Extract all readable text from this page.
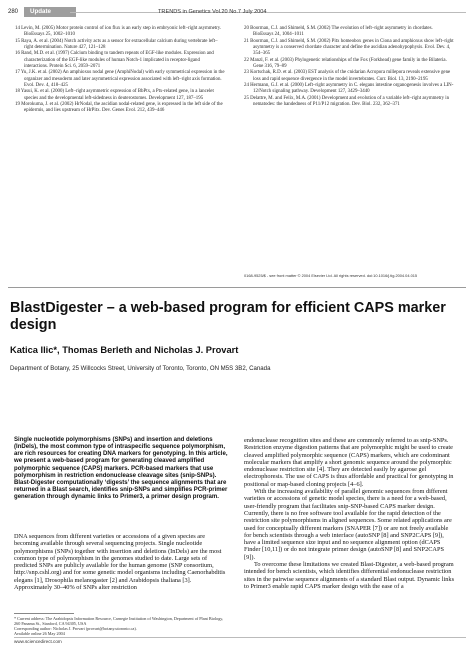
280	Update	TRENDS in Genetics Vol.20 No.7 July 2004

14 Levin, M. (2005) Motor protein control of ion flux is an early step in embryonic left–right asymmetry. BioEssays 25, 1002–1010

15 Raya, A. et al. (2004) Notch activity acts as a sensor for extracellular calcium during vertebrate left–right determination. Nature 427, 121–128

16 Rand, M.D. et al. (1997) Calcium binding to tandem repeats of EGF-like modules. Expression and characterization of the EGF-like modules of human Notch-1 implicated in receptor-ligand interactions. Protein Sci. 6, 2059–2071

17 Yu, J.K. et al. (2002) An amphioxus nodal gene (AmphiNodal) with early symmetrical expression in the organizer and mesoderm and later asymmetrical expression associated with left–right axis formation. Evol. Dev. 4, 418–425

18 Yasui, K. et al. (2000) Left–right asymmetric expression of BbPtx, a Ptx-related gene, in a lancelet species and the developmental left-sidedness in deuterostomes. Development 127, 187–195

19 Morokuma, J. et al. (2002) HrNodal, the ascidian nodal-related gene, is expressed in the left side of the epidermis, and lies upstream of HrPitx. Dev. Genes Evol. 212, 439–446

20 Boorman, C.J. and Shimeld, S.M. (2002) The evolution of left–right asymmetry in chordates. BioEssays 24, 1004–1011

21 Boorman, C.J. and Shimeld, S.M. (2002) Pitx homeobox genes in Ciona and amphioxus show left–right asymmetry is a conserved chordate character and define the ascidian adenohypophysis. Evol. Dev. 4, 354–365

22 Manzl, F. et al. (2003) Phylogenetic relationships of the Fox (Forkhead) gene family in the Bilateria. Gene 316, 79–89

23 Kortschak, R.D. et al. (2003) EST analysis of the cnidarian Acropora millepora reveals extensive gene loss and rapid sequence divergence in the model invertebrates. Curr. Biol. 13, 2190–2195

24 Hermann, G.J. et al. (2000) Left–right asymmetry in C. elegans intestine organogenesis involves a LIN-12/Notch signaling pathway. Development 127, 3429–3440

25 Delattre, M. and Felix, M.A. (2001) Development and evolution of a variable left–right asymmetry in nematodes: the handedness of P11/P12 migration. Dev. Biol. 232, 362–371

0168-9525/$ - see front matter © 2004 Elsevier Ltd. All rights reserved. doi:10.1016/j.tig.2004.04.015
BlastDigester – a web-based program for efficient CAPS marker design

Katica Ilic*, Thomas Berleth and Nicholas J. Provart

Department of Botany, 25 Willcocks Street, University of Toronto, Toronto, ON M5S 3B2, Canada

Single nucleotide polymorphisms (SNPs) and insertion and deletions (InDels), the most common type of intraspecific sequence polymorphism, are rich resources for creating DNA markers for genotyping. In this article, we present a web-based program for generating cleaved amplified polymorphic sequence (CAPS) markers. PCR-based markers that use polymorphism in restriction endonuclease cleavage sites (snip-SNPs). Blast-Digester computationally ‘digests’ the sequence alignments that are returned in a Blast search, identifies snip-SNPs and simplifies PCR-primer generation through dynamic links to Primer3, a primer design program.

DNA sequences from different varieties or accessions of a given species are becoming available through several sequencing projects. Single nucleotide polymorphisms (SNPs) together with insertion and deletions (InDels) are the most common type of polymorphism in the genomes studied to date. Large sets of predicted SNPs are publicly available for the human genome (SNP consortium, http://snp.cshl.org) and for some genetic model organisms including Caenorhabditis elegans [1], Drosophila melanogaster [2] and Arabidopsis thaliana [3]. Approximately 30–40% of SNPs alter restriction

endonuclease recognition sites and these are commonly referred to as snip-SNPs. Restriction enzyme digestion patterns that are polymorphic might be used to create cleaved amplified polymorphic sequence (CAPS) markers, which are codominant molecular markers that amplify a short genomic sequence around the polymorphic endonuclease restriction site [4]. They are detected easily by agarose gel electrophoresis. The use of CAPS is thus affordable and practical for genotyping in positional or map-based cloning projects [4–6].

With the increasing availability of parallel genomic sequences from different varieties or accessions of genetic model species, there is a need for a web-based, user-friendly program that facilitates snip-SNP-based CAPS marker design. Currently, there is no free software tool available for the rapid detection of the restriction site polymorphisms in aligned sequences. Some related applications are used for conceptually different markers (SNAPER [7]) or are not freely available for bench scientists through a web interface (autoSNP [8] and SNP2CAPS [9]), have a limited sequence size input and no sequence alignment option (dCAPS Finder [10,11]) or do not integrate primer design (autoSNP [8] and SNP2CAPS [9]).

To overcome these limitations we created Blast-Digester, a web-based program intended for bench scientists, which identifies differential endonuclease restriction sites in the pairwise sequence alignments of a standard Blast output. Dynamic links to Primer3 enable rapid CAPS marker design with the ease of a

* Current address: The Arabidopsis Information Resource, Carnegie Institution of Washington, Department of Plant Biology, 260 Panama St., Stanford, CA 94305, USA

Corresponding author: Nicholas J. Provart (provart@botany.utoronto.ca).

Available online 26 May 2004

www.sciencedirect.com
